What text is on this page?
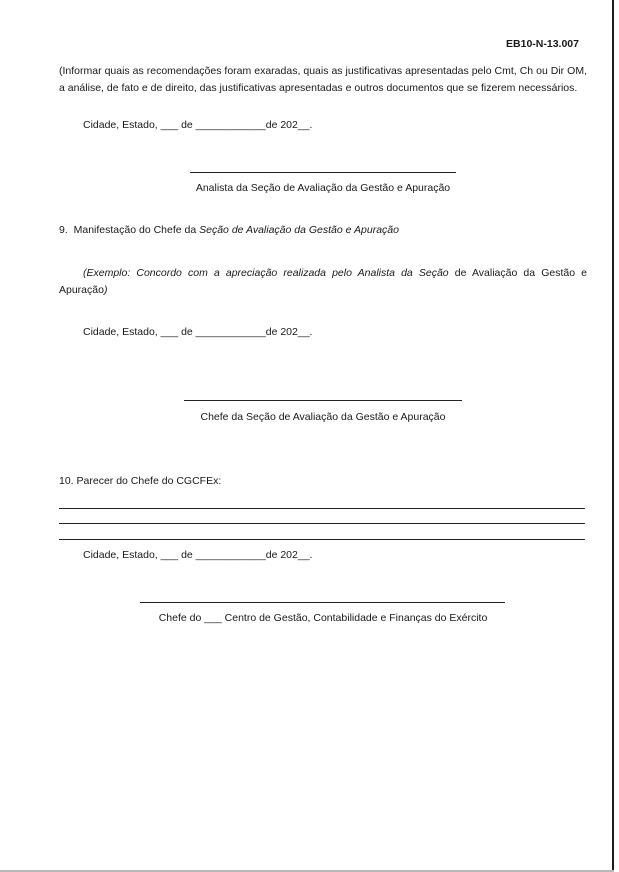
EB10-N-13.007
(Informar quais as recomendações foram exaradas, quais as justificativas apresentadas pelo Cmt, Ch ou Dir OM, a análise, de fato e de direito, das justificativas apresentadas e outros documentos que se fizerem necessários.
Cidade, Estado, ___ de ____________de 202__.
Analista da Seção de Avaliação da Gestão e Apuração
9. Manifestação do Chefe da Seção de Avaliação da Gestão e Apuração
(Exemplo: Concordo com a apreciação realizada pelo Analista da Seção de Avaliação da Gestão e Apuração)
Cidade, Estado, ___ de ____________de 202__.
Chefe da Seção de Avaliação da Gestão e Apuração
10. Parecer do Chefe do CGCFEx:
Cidade, Estado, ___ de ____________de 202__.
Chefe do ___ Centro de Gestão, Contabilidade e Finanças do Exército
